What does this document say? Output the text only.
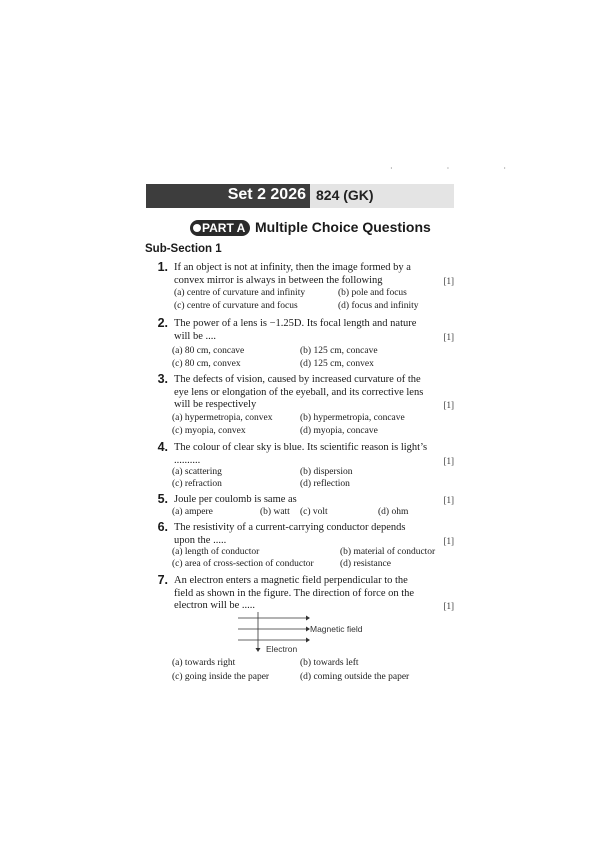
· · ·
Set 2 2026 824 (GK)
PART A Multiple Choice Questions
Sub-Section 1
1. If an object is not at infinity, then the image formed by a
convex mirror is always in between the following	[1]
(a) centre of curvature and infinity	(b) pole and focus
(c) centre of curvature and focus	(d) focus and infinity
2. The power of a lens is −1.25D. Its focal length and nature
will be ....	[1]
(a) 80 cm, concave	(b) 125 cm, concave
(c) 80 cm, convex	(d) 125 cm, convex
3. The defects of vision, caused by increased curvature of the
eye lens or elongation of the eyeball, and its corrective lens
will be respectively	[1]
(a) hypermetropia, convex	(b) hypermetropia, concave
(c) myopia, convex	(d) myopia, concave
4. The colour of clear sky is blue. Its scientific reason is light’s
..........	[1]
(a) scattering	(b) dispersion
(c) refraction	(d) reflection
5. Joule per coulomb is same as	[1]
(a) ampere	(b) watt (c) volt	(d) ohm
6. The resistivity of a current-carrying conductor depends
upon the .....	[1]
(a) length of conductor	(b) material of conductor
(c) area of cross-section of conductor	(d) resistance
7. An electron enters a magnetic field perpendicular to the
field as shown in the figure. The direction of force on the
electron will be .....	[1]
(a) towards right	(b) towards left
(c) going inside the paper	(d) coming outside the paper
Magnetic field
Electron
